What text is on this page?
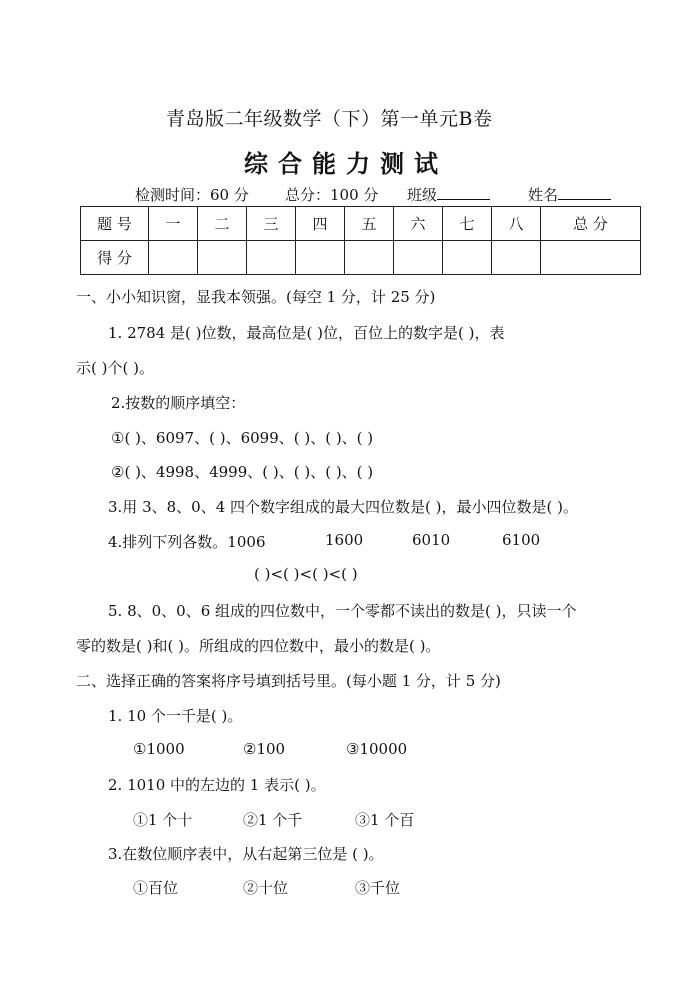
青岛版二年级数学（下）第一单元B卷
综合能力测试
检测时间：60 分 总分：100 分 班级	姓名
题 号	一	二	三	四	五	六	七	八	总 分
得 分									
一、小小知识窗，显我本领强。(每空 1 分，计 25 分)
1. 2784 是( )位数，最高位是( )位，百位上的数字是( )，表
示( )个( )。
2.按数的顺序填空：
①( )、6097、( )、6099、( )、( )、( )
②( )、4998、4999、( )、( )、( )、( )
3.用 3、8、0、4 四个数字组成的最大四位数是( )，最小四位数是( )。
4.排列下列各数。1006	1600	6010	6100
( )<( )<( )<( )
5. 8、0、0、6 组成的四位数中，一个零都不读出的数是( )，只读一个
零的数是( )和( )。所组成的四位数中，最小的数是( )。
二、选择正确的答案将序号填到括号里。(每小题 1 分，计 5 分)
1. 10 个一千是( )。
①1000	②100	③10000
2. 1010 中的左边的 1 表示( )。
①1 个十	②1 个千	③1 个百
3.在数位顺序表中，从右起第三位是 ( )。
①百位	②十位	③千位
